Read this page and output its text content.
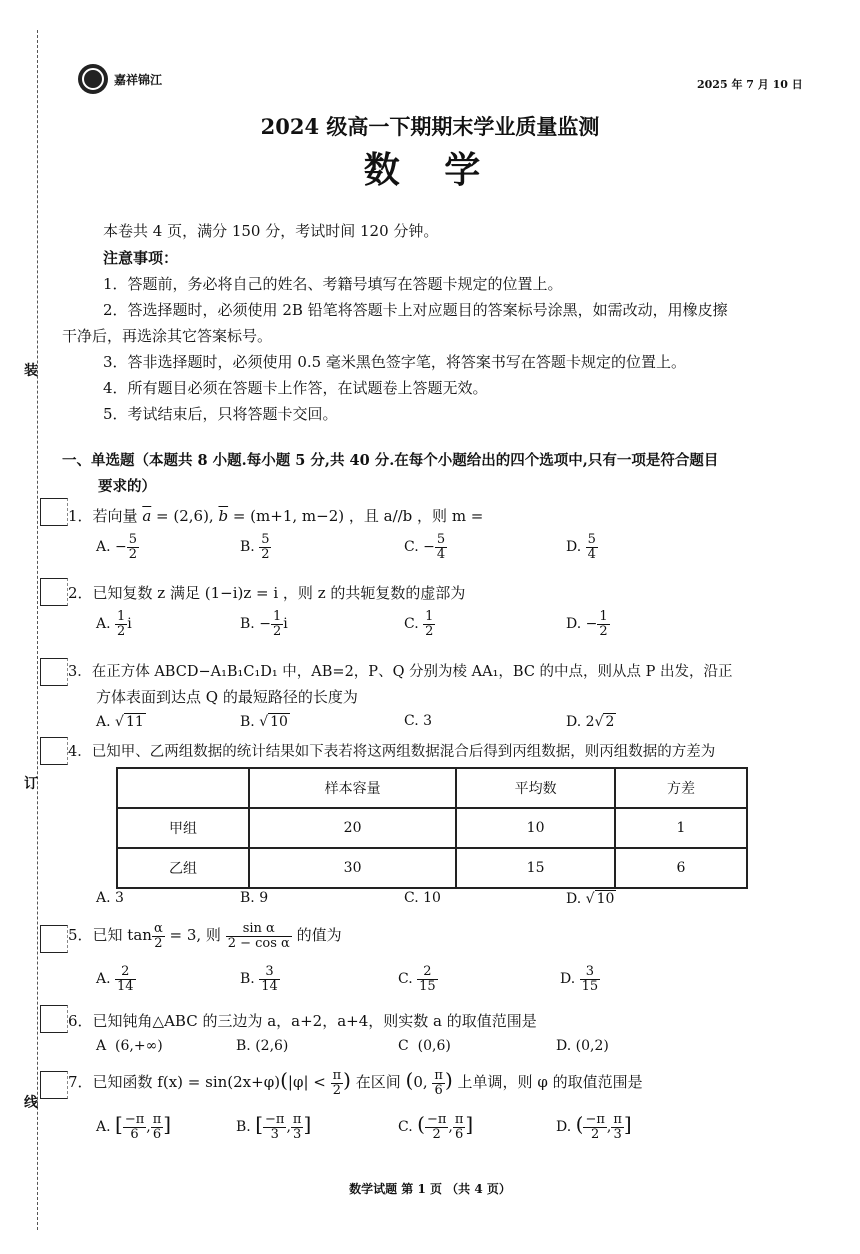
装
订
线
嘉祥锦江	2025 年 7 月 10 日
2024 级高一下期期末学业质量监测
数 学
本卷共 4 页，满分 150 分，考试时间 120 分钟。
注意事项：
1．答题前，务必将自己的姓名、考籍号填写在答题卡规定的位置上。
2．答选择题时，必须使用 2B 铅笔将答题卡上对应题目的答案标号涂黑，如需改动，用橡皮擦
干净后，再选涂其它答案标号。
3．答非选择题时，必须使用 0.5 毫米黑色签字笔，将答案书写在答题卡规定的位置上。
4．所有题目必须在答题卡上作答，在试题卷上答题无效。
5．考试结束后，只将答题卡交回。
一、单选题（本题共 8 小题.每小题 5 分,共 40 分.在每个小题给出的四个选项中,只有一项是符合题目
要求的）
1．若向量 $\overline{a} = (2,6)$, $\overline{b} = (m+1$, m−2) ，且 a//b ，则 m =
A. − $\frac{5}{2}$	B. $\frac{5}{2}$	C. − $\frac{5}{4}$	D. $\frac{5}{4}$
2．已知复数 z 满足 (1−i)z = i ，则 z 的共轭复数的虚部为
A. $\frac{1}{2}$ i	B. − $\frac{1}{2}$ i	C. $\frac{1}{2}$	D. − $\frac{1}{2}$
3．在正方体 ABCD−A₁B₁C₁D₁ 中，AB=2，P、Q 分别为棱 AA₁，BC 的中点，则从点 P 出发，沿正
方体表面到达点 Q 的最短路径的长度为
A. √ 11	B. √ 10	C. 3	D. 2√ 2
4．已知甲、乙两组数据的统计结果如下表若将这两组数据混合后得到丙组数据，则丙组数据的方差为
	样本容量	平均数	方差
甲组	20	10	1
乙组	30	15	6
A. 3	B. 9	C. 10	D. √ 10
5．已知 $\tan \frac{\alpha}{2} = 3$, 则 $\frac{\text{sin α}}{\text{2 − cos α}}$ 的值为
A. $\frac{2}{14}$	B. $\frac{3}{14}$	C. $\frac{2}{15}$	D. $\frac{3}{15}$
6．已知钝角△ABC 的三边为 a，a+2，a+4，则实数 a 的取值范围是
A (6,+∞)	B. (2,6)	C (0,6)	D. (0,2)
7．已知函数 $f(x) = \sin(2x+\varphi)(|\varphi| < \frac{\pi}{2}$ ) 在区间 (0, $\frac{\pi}{6}$ ) 上单调，则 φ 的取值范围是
A. [ $\frac{-\pi}{6}$ , $\frac{\pi}{6}$ ]	B. [ $\frac{-\pi}{3}$ , $\frac{\pi}{3}$ ]	C. ( $\frac{-\pi}{2}$ , $\frac{\pi}{6}$ ]	D. ( $\frac{-\pi}{2}$ , $\frac{\pi}{3}$ ]
数学试题 第 1 页 （共 4 页）
